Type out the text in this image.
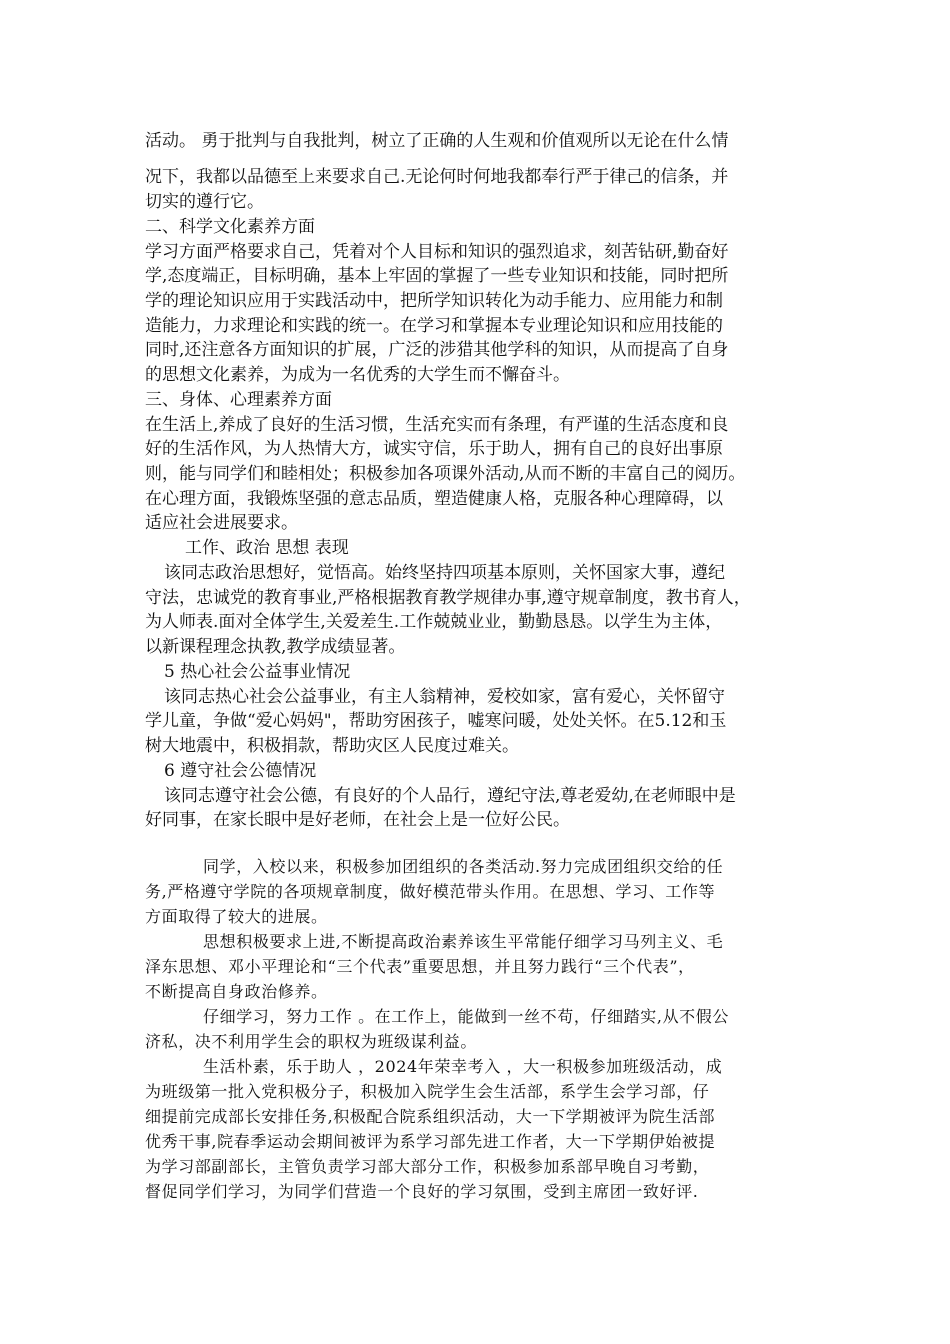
活动。 勇于批判与自我批判，树立了正确的人生观和价值观所以无论在什么情
况下，我都以品德至上来要求自己.无论何时何地我都奉行严于律己的信条，并
切实的遵行它。
二、科学文化素养方面
学习方面严格要求自己，凭着对个人目标和知识的强烈追求，刻苦钻研,勤奋好
学,态度端正，目标明确，基本上牢固的掌握了一些专业知识和技能，同时把所
学的理论知识应用于实践活动中，把所学知识转化为动手能力、应用能力和制
造能力，力求理论和实践的统一。在学习和掌握本专业理论知识和应用技能的
同时,还注意各方面知识的扩展，广泛的涉猎其他学科的知识，从而提高了自身
的思想文化素养，为成为一名优秀的大学生而不懈奋斗。
三、身体、心理素养方面
在生活上,养成了良好的生活习惯，生活充实而有条理，有严谨的生活态度和良
好的生活作风，为人热情大方，诚实守信，乐于助人，拥有自己的良好出事原
则，能与同学们和睦相处；积极参加各项课外活动,从而不断的丰富自己的阅历。
在心理方面，我锻炼坚强的意志品质，塑造健康人格，克服各种心理障碍，以
适应社会进展要求。
工作、政治 思想 表现
该同志政治思想好，觉悟高。始终坚持四项基本原则，关怀国家大事，遵纪
守法，忠诚党的教育事业,严格根据教育教学规律办事,遵守规章制度，教书育人，
为人师表.面对全体学生,关爱差生.工作兢兢业业，勤勤恳恳。以学生为主体，
以新课程理念执教,教学成绩显著。
5 热心社会公益事业情况
该同志热心社会公益事业，有主人翁精神，爱校如家，富有爱心，关怀留守
学儿童，争做“爱心妈妈"，帮助穷困孩子，嘘寒问暖，处处关怀。在5.12和玉
树大地震中，积极捐款，帮助灾区人民度过难关。
6 遵守社会公德情况
该同志遵守社会公德，有良好的个人品行，遵纪守法,尊老爱幼,在老师眼中是
好同事，在家长眼中是好老师，在社会上是一位好公民。
同学，入校以来，积极参加团组织的各类活动.努力完成团组织交给的任
务,严格遵守学院的各项规章制度，做好模范带头作用。在思想、学习、工作等
方面取得了较大的进展。
思想积极要求上进,不断提高政治素养该生平常能仔细学习马列主义、毛
泽东思想、邓小平理论和“三个代表”重要思想，并且努力践行“三个代表”，
不断提高自身政治修养。
仔细学习，努力工作 。在工作上，能做到一丝不苟，仔细踏实,从不假公
济私，决不利用学生会的职权为班级谋利益。
生活朴素，乐于助人 ，2024年荣幸考入 ，大一积极参加班级活动，成
为班级第一批入党积极分子，积极加入院学生会生活部，系学生会学习部，仔
细提前完成部长安排任务,积极配合院系组织活动，大一下学期被评为院生活部
优秀干事,院春季运动会期间被评为系学习部先进工作者，大一下学期伊始被提
为学习部副部长，主管负责学习部大部分工作，积极参加系部早晚自习考勤，
督促同学们学习，为同学们营造一个良好的学习氛围，受到主席团一致好评.
